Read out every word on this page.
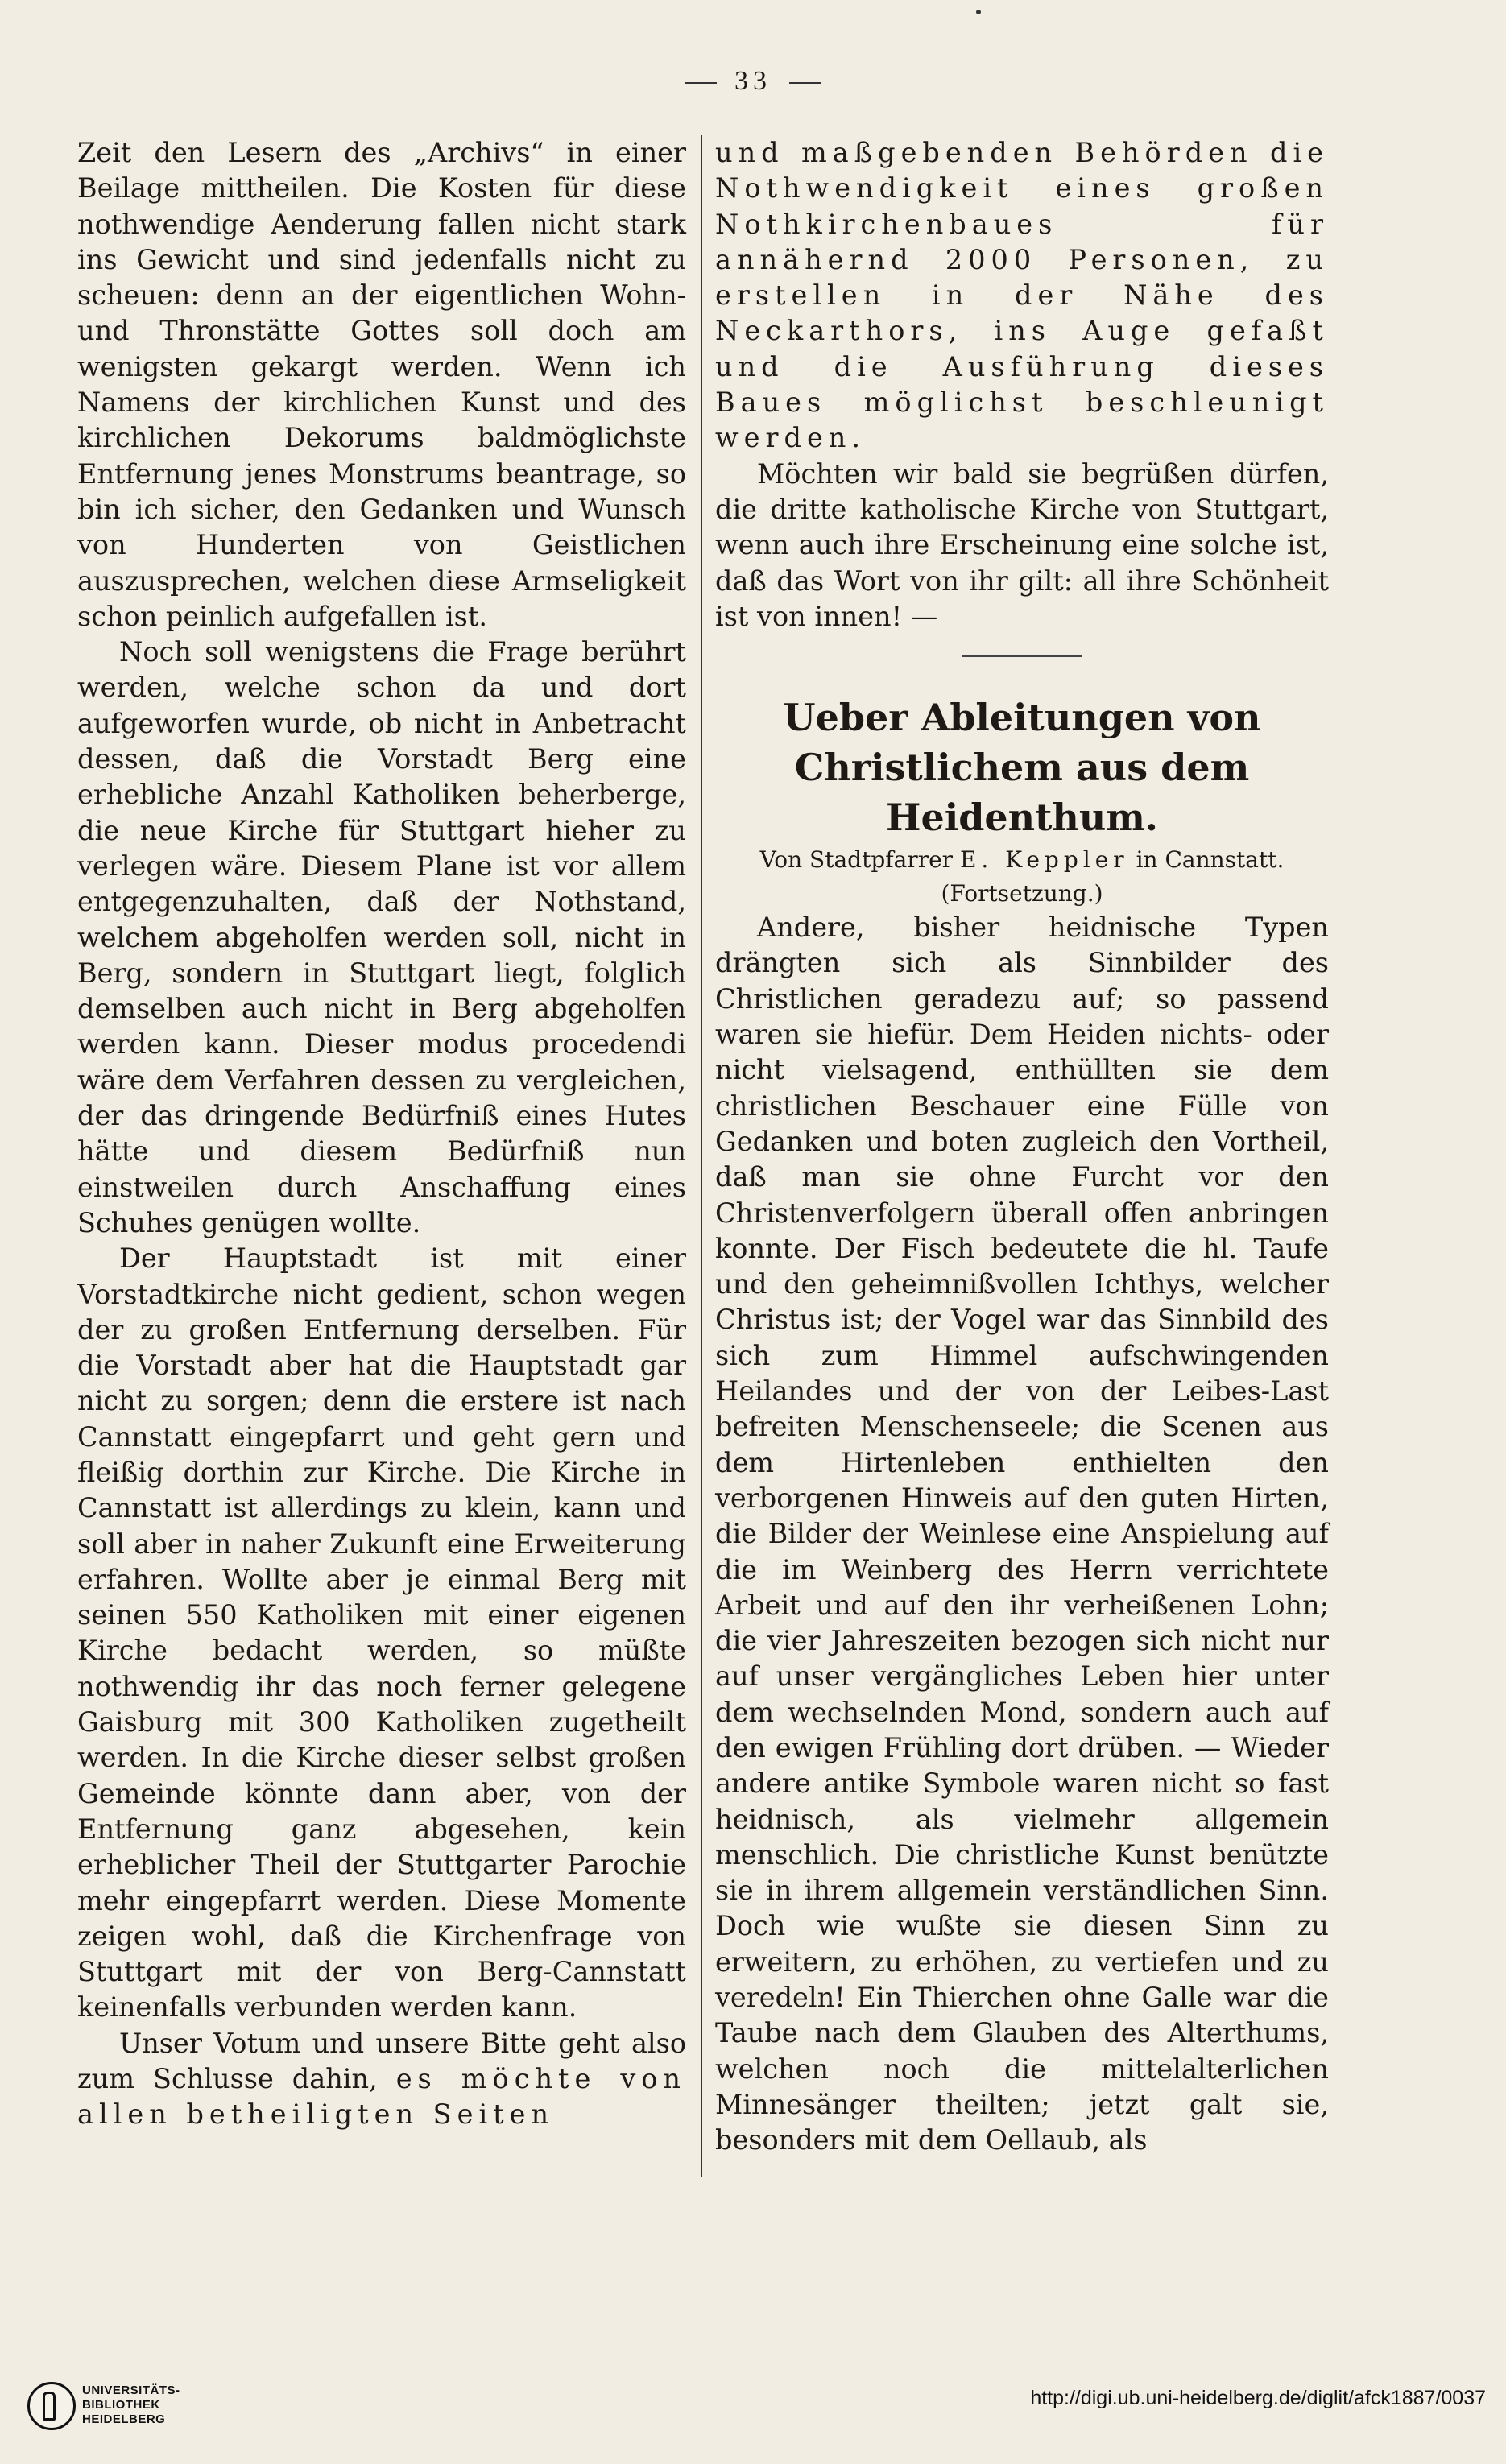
33

Zeit den Lesern des „Archivs“ in einer Beilage mittheilen. Die Kosten für diese nothwendige Aenderung fallen nicht stark ins Gewicht und sind jedenfalls nicht zu scheuen: denn an der eigentlichen Wohn- und Thronstätte Gottes soll doch am wenigsten gekargt werden. Wenn ich Namens der kirchlichen Kunst und des kirchlichen Dekorums baldmöglichste Entfernung jenes Monstrums beantrage, so bin ich sicher, den Gedanken und Wunsch von Hunderten von Geistlichen auszusprechen, welchen diese Armseligkeit schon peinlich aufgefallen ist.

Noch soll wenigstens die Frage berührt werden, welche schon da und dort aufgeworfen wurde, ob nicht in Anbetracht dessen, daß die Vorstadt Berg eine erhebliche Anzahl Katholiken beherberge, die neue Kirche für Stuttgart hieher zu verlegen wäre. Diesem Plane ist vor allem entgegenzuhalten, daß der Nothstand, welchem abgeholfen werden soll, nicht in Berg, sondern in Stuttgart liegt, folglich demselben auch nicht in Berg abgeholfen werden kann. Dieser modus procedendi wäre dem Verfahren dessen zu vergleichen, der das dringende Bedürfniß eines Hutes hätte und diesem Bedürfniß nun einstweilen durch Anschaffung eines Schuhes genügen wollte.

Der Hauptstadt ist mit einer Vorstadtkirche nicht gedient, schon wegen der zu großen Entfernung derselben. Für die Vorstadt aber hat die Hauptstadt gar nicht zu sorgen; denn die erstere ist nach Cannstatt eingepfarrt und geht gern und fleißig dorthin zur Kirche. Die Kirche in Cannstatt ist allerdings zu klein, kann und soll aber in naher Zukunft eine Erweiterung erfahren. Wollte aber je einmal Berg mit seinen 550 Katholiken mit einer eigenen Kirche bedacht werden, so müßte nothwendig ihr das noch ferner gelegene Gaisburg mit 300 Katholiken zugetheilt werden. In die Kirche dieser selbst großen Gemeinde könnte dann aber, von der Entfernung ganz abgesehen, kein erheblicher Theil der Stuttgarter Parochie mehr eingepfarrt werden. Diese Momente zeigen wohl, daß die Kirchenfrage von Stuttgart mit der von Berg-Cannstatt keinenfalls verbunden werden kann.

Unser Votum und unsere Bitte geht also zum Schlusse dahin, es möchte von allen betheiligten Seiten

und maßgebenden Behörden die Nothwendigkeit eines großen Nothkirchenbaues für annähernd 2000 Personen, zu erstellen in der Nähe des Neckarthors, ins Auge gefaßt und die Ausführung dieses Baues möglichst beschleunigt werden.

Möchten wir bald sie begrüßen dürfen, die dritte katholische Kirche von Stuttgart, wenn auch ihre Erscheinung eine solche ist, daß das Wort von ihr gilt: all ihre Schönheit ist von innen! —

Ueber Ableitungen von Christlichem aus dem Heidenthum.

Von Stadtpfarrer E. Keppler in Cannstatt.

(Fortsetzung.)

Andere, bisher heidnische Typen drängten sich als Sinnbilder des Christlichen geradezu auf; so passend waren sie hiefür. Dem Heiden nichts- oder nicht vielsagend, enthüllten sie dem christlichen Beschauer eine Fülle von Gedanken und boten zugleich den Vortheil, daß man sie ohne Furcht vor den Christenverfolgern überall offen anbringen konnte. Der Fisch bedeutete die hl. Taufe und den geheimnißvollen Ichthys, welcher Christus ist; der Vogel war das Sinnbild des sich zum Himmel aufschwingenden Heilandes und der von der Leibes-Last befreiten Menschenseele; die Scenen aus dem Hirtenleben enthielten den verborgenen Hinweis auf den guten Hirten, die Bilder der Weinlese eine Anspielung auf die im Weinberg des Herrn verrichtete Arbeit und auf den ihr verheißenen Lohn; die vier Jahreszeiten bezogen sich nicht nur auf unser vergängliches Leben hier unter dem wechselnden Mond, sondern auch auf den ewigen Frühling dort drüben. — Wieder andere antike Symbole waren nicht so fast heidnisch, als vielmehr allgemein menschlich. Die christliche Kunst benützte sie in ihrem allgemein verständlichen Sinn. Doch wie wußte sie diesen Sinn zu erweitern, zu erhöhen, zu vertiefen und zu veredeln! Ein Thierchen ohne Galle war die Taube nach dem Glauben des Alterthums, welchen noch die mittelalterlichen Minnesänger theilten; jetzt galt sie, besonders mit dem Oellaub, als

UNIVERSITÄTS-
BIBLIOTHEK
HEIDELBERG
http://digi.ub.uni-heidelberg.de/diglit/afck1887/0037
